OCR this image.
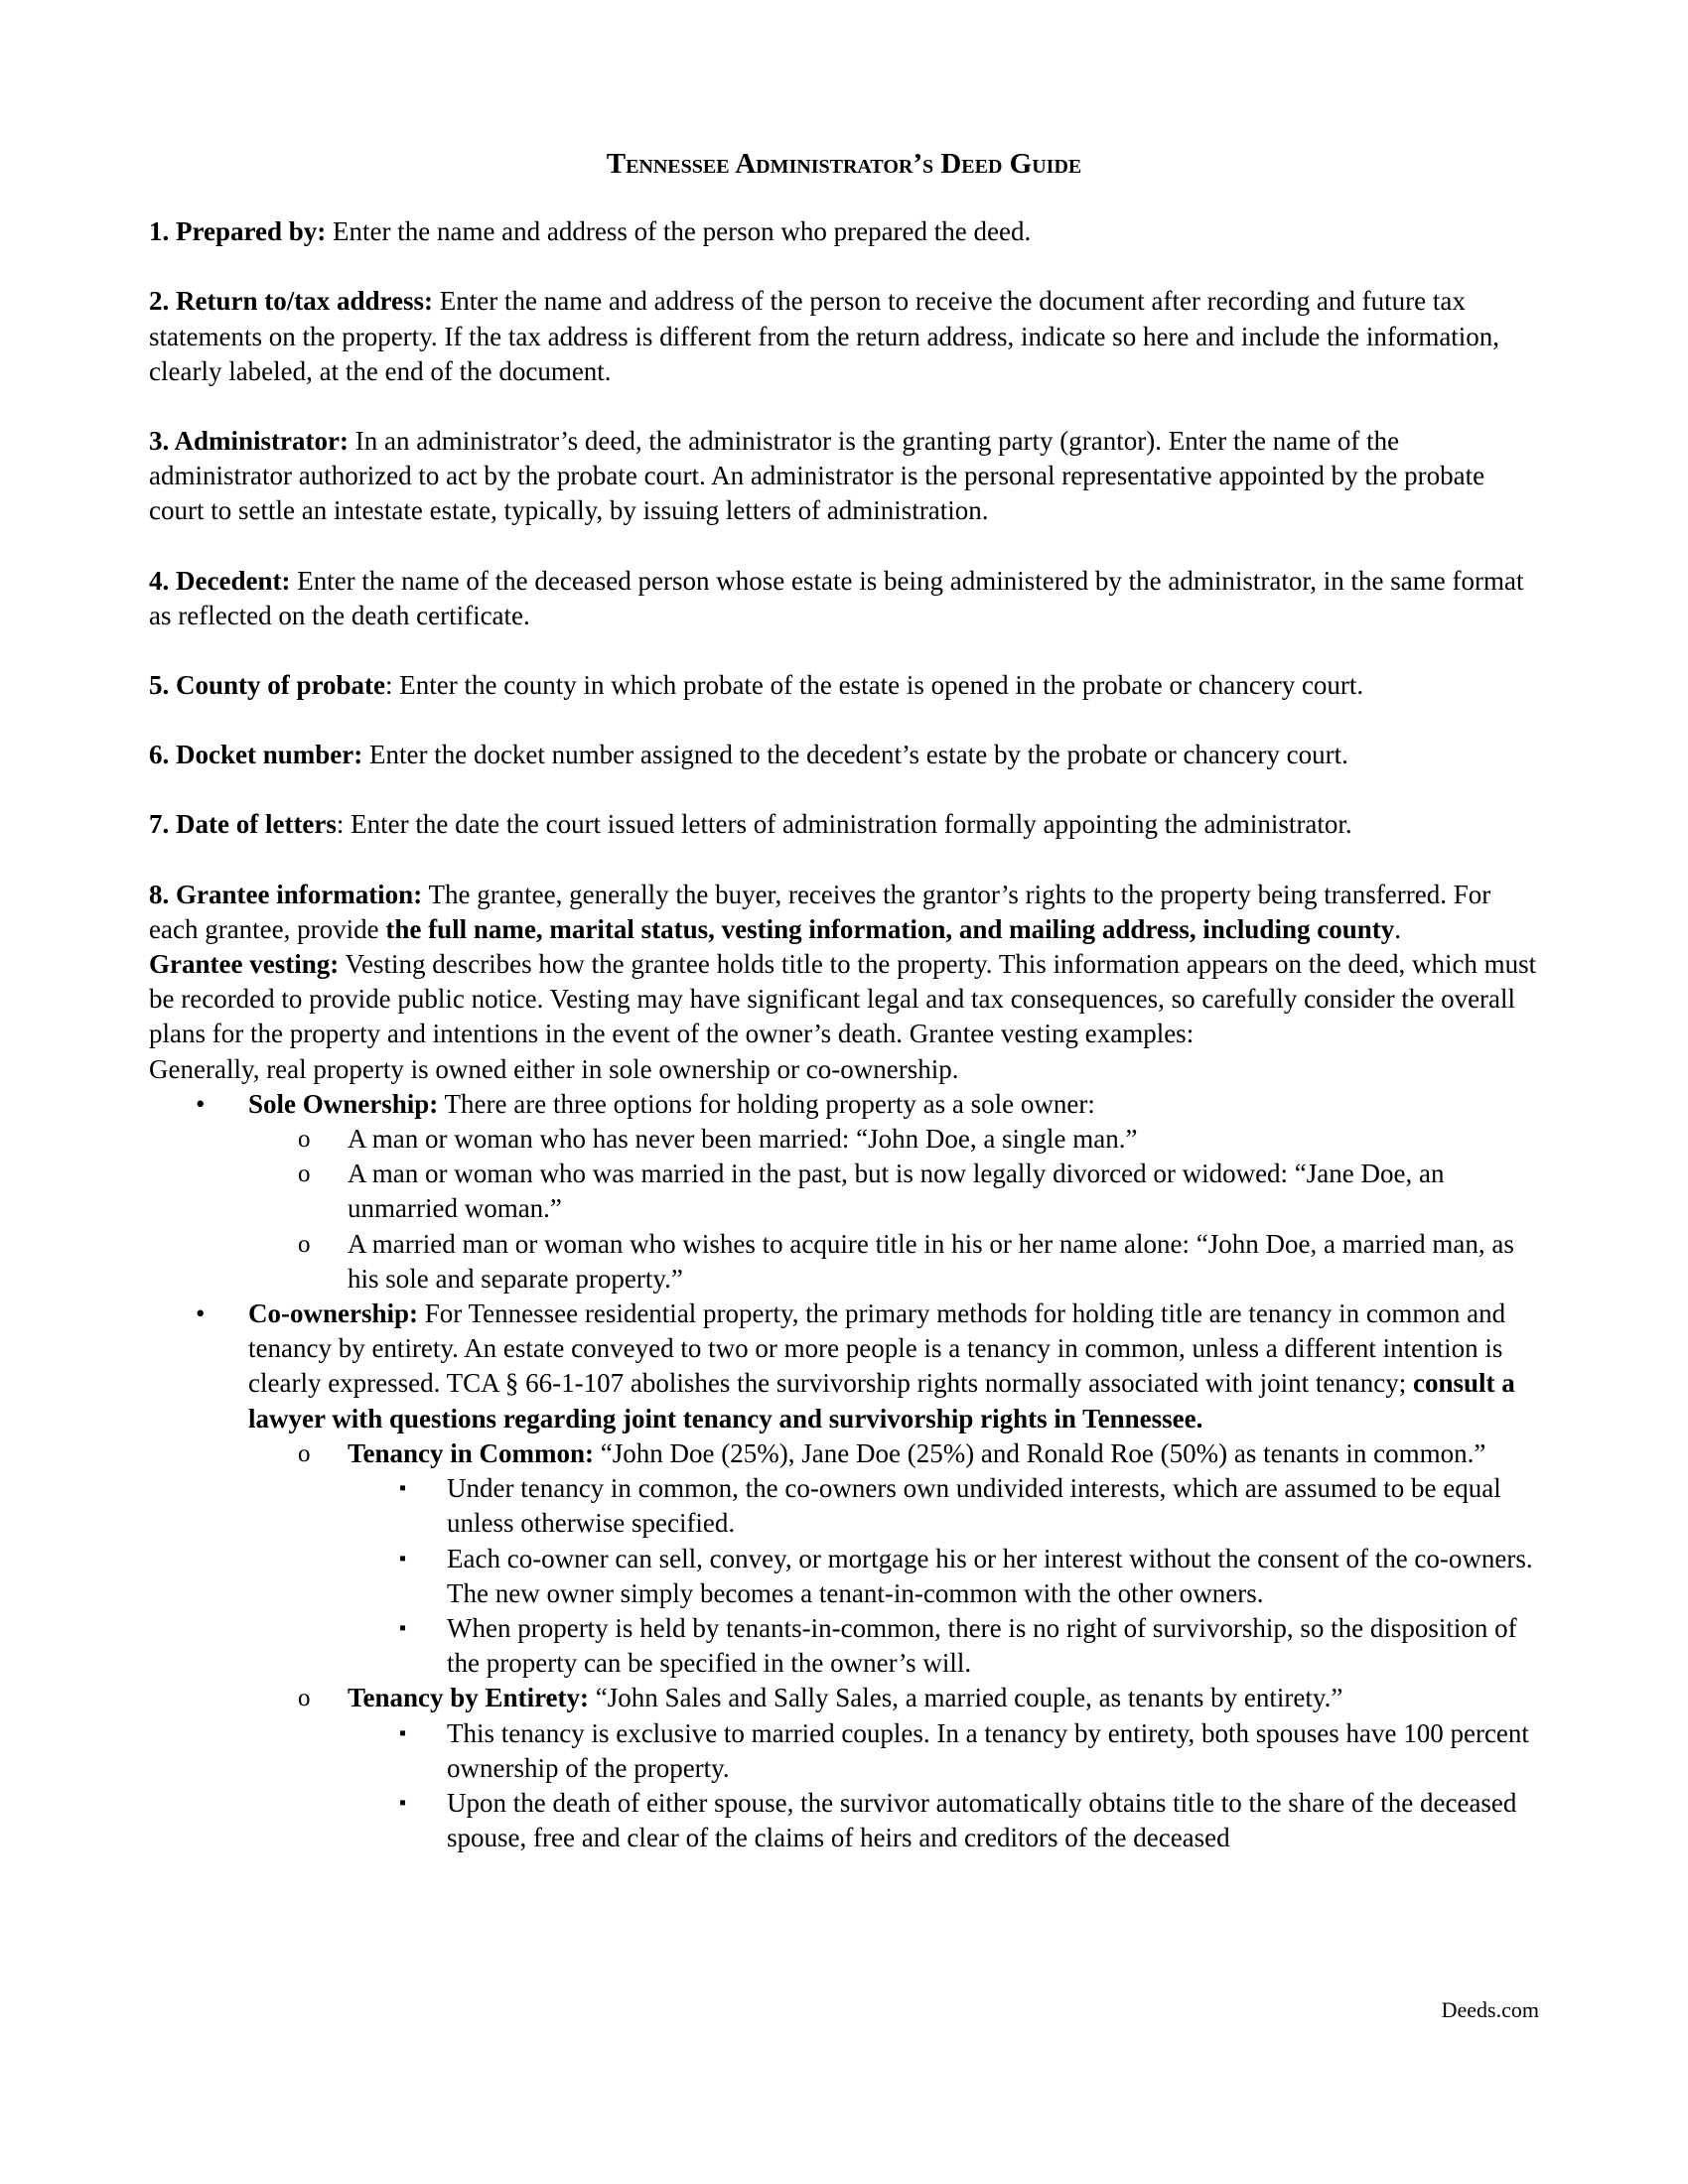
Tennessee Administrator’s Deed Guide

1. Prepared by: Enter the name and address of the person who prepared the deed.

2. Return to/tax address: Enter the name and address of the person to receive the document after recording and future tax statements on the property. If the tax address is different from the return address, indicate so here and include the information, clearly labeled, at the end of the document.

3. Administrator: In an administrator’s deed, the administrator is the granting party (grantor). Enter the name of the administrator authorized to act by the probate court. An administrator is the personal representative appointed by the probate court to settle an intestate estate, typically, by issuing letters of administration.

4. Decedent: Enter the name of the deceased person whose estate is being administered by the administrator, in the same format as reflected on the death certificate.

5. County of probate: Enter the county in which probate of the estate is opened in the probate or chancery court.

6. Docket number: Enter the docket number assigned to the decedent’s estate by the probate or chancery court.

7. Date of letters: Enter the date the court issued letters of administration formally appointing the administrator.

8. Grantee information: The grantee, generally the buyer, receives the grantor’s rights to the property being transferred. For each grantee, provide the full name, marital status, vesting information, and mailing address, including county.

Grantee vesting: Vesting describes how the grantee holds title to the property. This information appears on the deed, which must be recorded to provide public notice. Vesting may have significant legal and tax consequences, so carefully consider the overall plans for the property and intentions in the event of the owner’s death. Grantee vesting examples:

Generally, real property is owned either in sole ownership or co-ownership.

• Sole Ownership: There are three options for holding property as a sole owner:
o A man or woman who has never been married: “John Doe, a single man.”
o A man or woman who was married in the past, but is now legally divorced or widowed: “Jane Doe, an unmarried woman.”
o A married man or woman who wishes to acquire title in his or her name alone: “John Doe, a married man, as his sole and separate property.”
• Co-ownership: For Tennessee residential property, the primary methods for holding title are tenancy in common and tenancy by entirety. An estate conveyed to two or more people is a tenancy in common, unless a different intention is clearly expressed. TCA § 66-1-107 abolishes the survivorship rights normally associated with joint tenancy; consult a lawyer with questions regarding joint tenancy and survivorship rights in Tennessee.
o Tenancy in Common: “John Doe (25%), Jane Doe (25%) and Ronald Roe (50%) as tenants in common.”
▪ Under tenancy in common, the co-owners own undivided interests, which are assumed to be equal unless otherwise specified.
▪ Each co-owner can sell, convey, or mortgage his or her interest without the consent of the co-owners. The new owner simply becomes a tenant-in-common with the other owners.
▪ When property is held by tenants-in-common, there is no right of survivorship, so the disposition of the property can be specified in the owner’s will.
o Tenancy by Entirety: “John Sales and Sally Sales, a married couple, as tenants by entirety.”
▪ This tenancy is exclusive to married couples. In a tenancy by entirety, both spouses have 100 percent ownership of the property.
▪ Upon the death of either spouse, the survivor automatically obtains title to the share of the deceased spouse, free and clear of the claims of heirs and creditors of the deceased
Deeds.com
